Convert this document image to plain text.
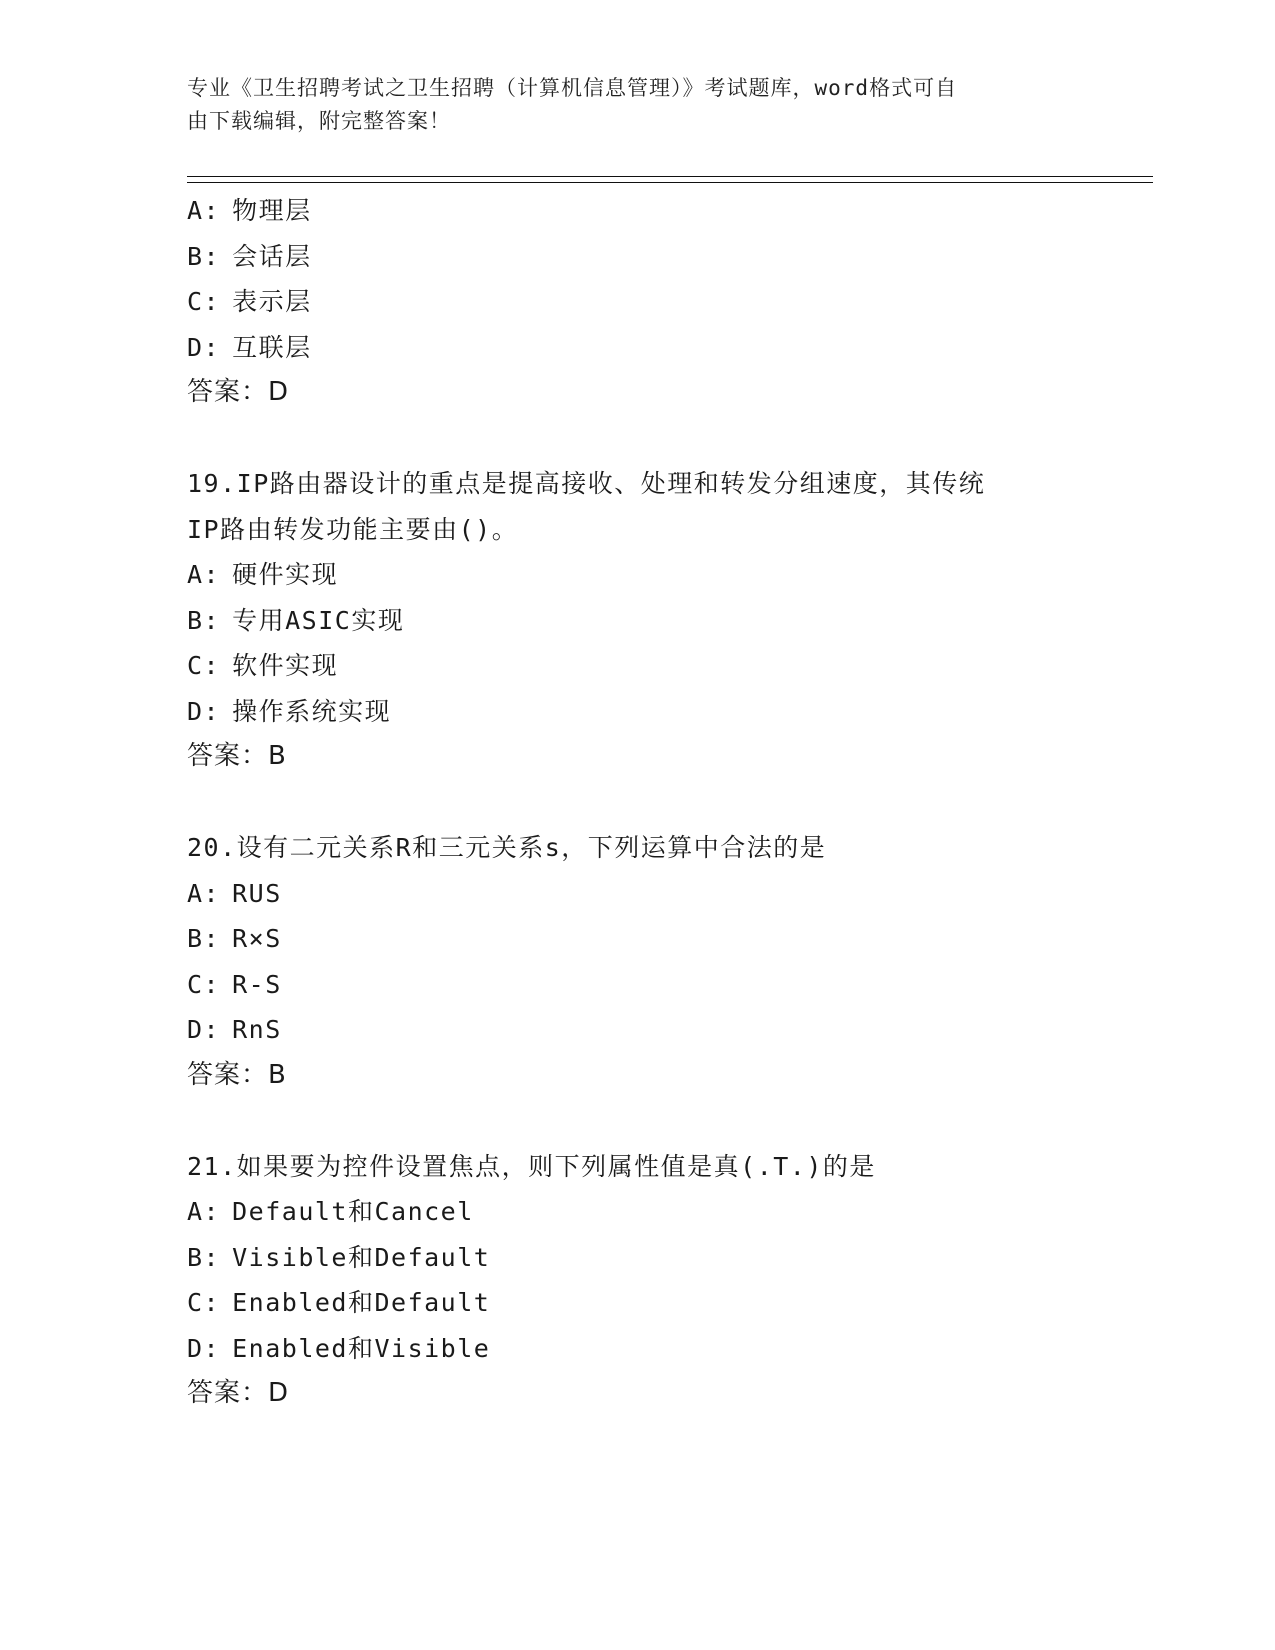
专业《卫生招聘考试之卫生招聘（计算机信息管理）》考试题库，word格式可自
由下载编辑，附完整答案！
A: 物理层
B: 会话层
C: 表示层
D: 互联层
答案：D
19.IP路由器设计的重点是提高接收、处理和转发分组速度，其传统
IP路由转发功能主要由()。
A: 硬件实现
B: 专用ASIC实现
C: 软件实现
D: 操作系统实现
答案：B
20.设有二元关系R和三元关系s，下列运算中合法的是
A: RUS
B: R×S
C: R-S
D: RnS
答案：B
21.如果要为控件设置焦点，则下列属性值是真(.T.)的是
A: Default和Cancel
B: Visible和Default
C: Enabled和Default
D: Enabled和Visible
答案：D
